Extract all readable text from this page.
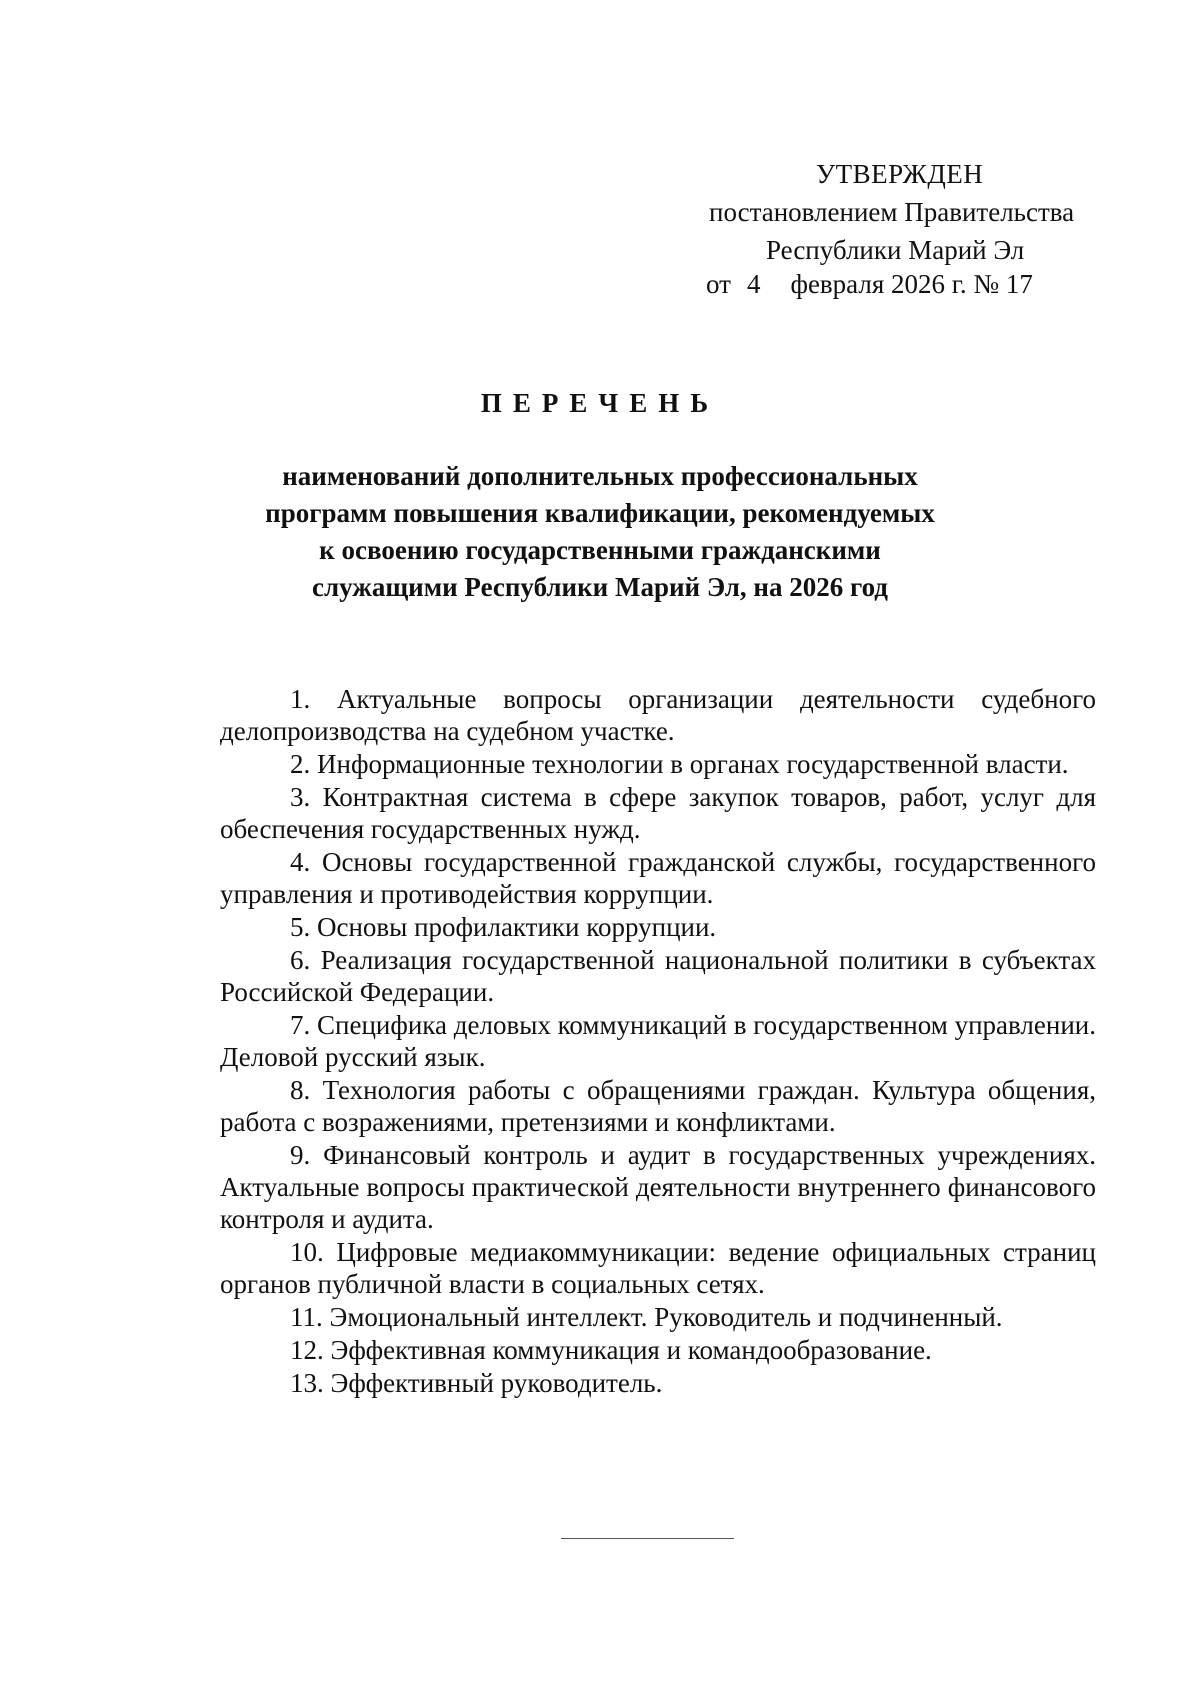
УТВЕРЖДЕН
постановлением Правительства
Республики Марий Эл
от 4 февраля 2026 г. № 17
ПЕРЕЧЕНЬ
наименований дополнительных профессиональных
программ повышения квалификации, рекомендуемых
к освоению государственными гражданскими
служащими Республики Марий Эл, на 2026 год

1. Актуальные вопросы организации деятельности судебного делопроизводства на судебном участке.

2. Информационные технологии в органах государственной власти.

3. Контрактная система в сфере закупок товаров, работ, услуг для обеспечения государственных нужд.

4. Основы государственной гражданской службы, государственного управления и противодействия коррупции.

5. Основы профилактики коррупции.

6. Реализация государственной национальной политики в субъектах Российской Федерации.

7. Специфика деловых коммуникаций в государственном управлении. Деловой русский язык.

8. Технология работы с обращениями граждан. Культура общения, работа с возражениями, претензиями и конфликтами.

9. Финансовый контроль и аудит в государственных учреждениях. Актуальные вопросы практической деятельности внутреннего финансового контроля и аудита.

10. Цифровые медиакоммуникации: ведение официальных страниц органов публичной власти в социальных сетях.

11. Эмоциональный интеллект. Руководитель и подчиненный.

12. Эффективная коммуникация и командообразование.

13. Эффективный руководитель.
